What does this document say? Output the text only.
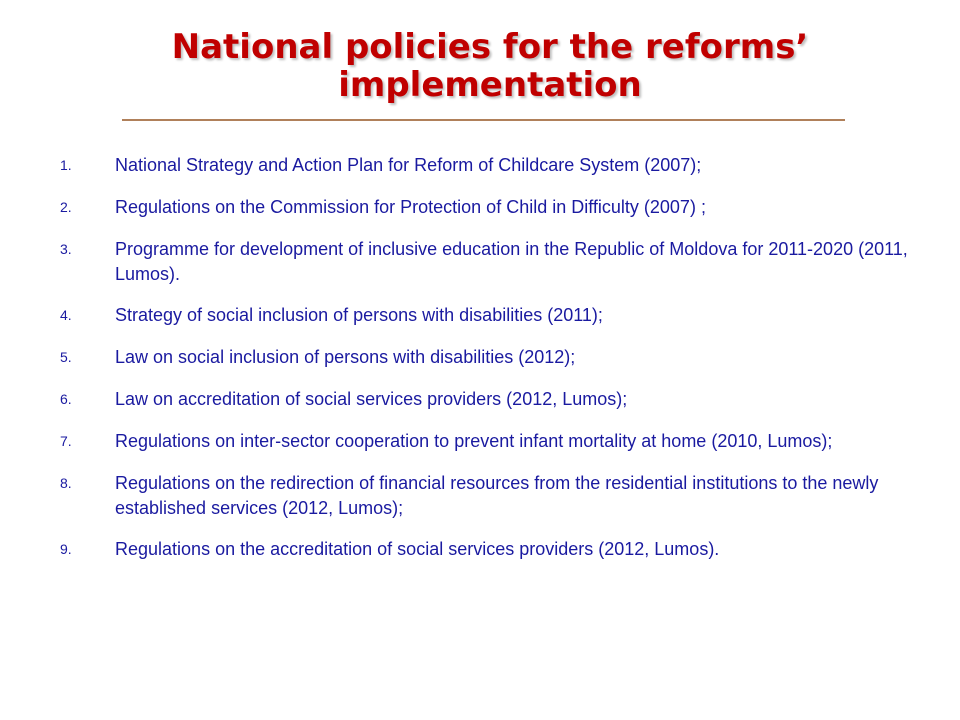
National policies for the reforms’ implementation
1.	National Strategy and Action Plan for Reform of Childcare System (2007);
2.	Regulations on the Commission for Protection of Child in Difficulty (2007) ;
3.	Programme for development of inclusive education in the Republic of Moldova for 2011-2020 (2011, Lumos).
4.	Strategy of social inclusion of persons with disabilities (2011);
5.	Law on social inclusion of persons with disabilities (2012);
6.	Law on accreditation of social services providers (2012, Lumos);
7.	Regulations on inter-sector cooperation to prevent infant mortality at home (2010, Lumos);
8.	Regulations on the redirection of financial resources from the residential institutions to the newly established services (2012, Lumos);
9.	Regulations on the accreditation of social services providers (2012, Lumos).
